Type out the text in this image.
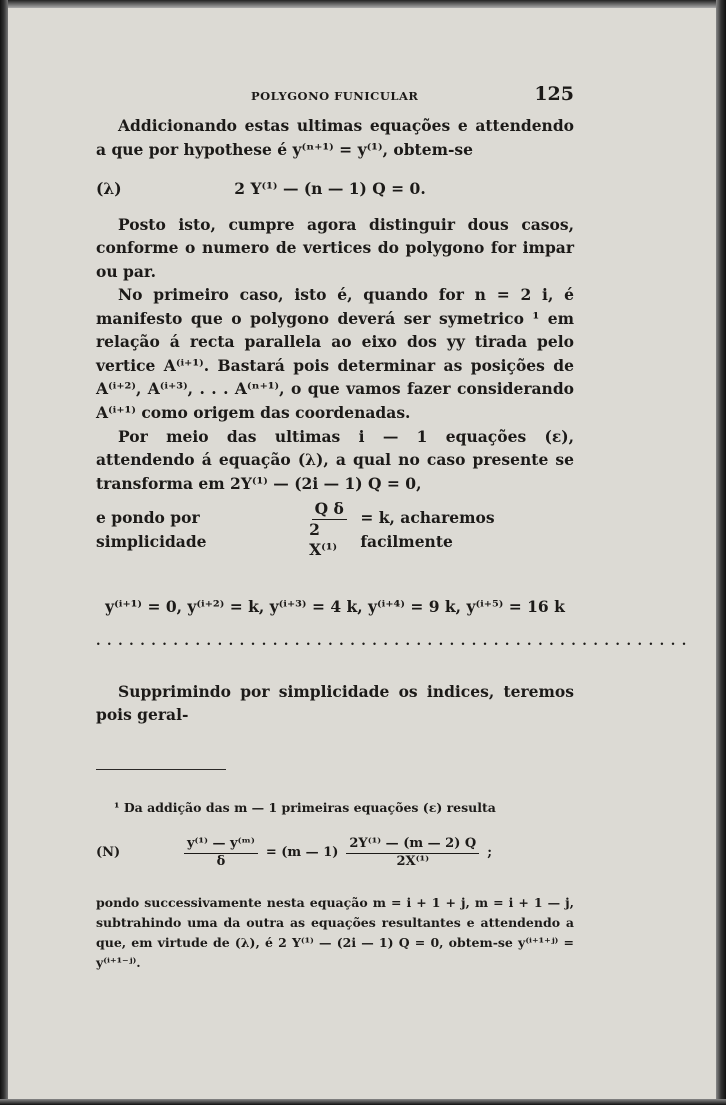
POLYGONO FUNICULAR	125

Addicionando estas ultimas equações e attendendo a que por hypothese é y⁽ⁿ⁺¹⁾ = y⁽¹⁾, obtem-se

(λ)	2 Y⁽¹⁾ — (n — 1) Q = 0.

Posto isto, cumpre agora distinguir dous casos, conforme o numero de vertices do polygono for impar ou par.

No primeiro caso, isto é, quando for n = 2 i, é manifesto que o polygono deverá ser symetrico ¹ em relação á recta parallela ao eixo dos yy tirada pelo vertice A⁽ⁱ⁺¹⁾. Bastará pois determinar as posições de A⁽ⁱ⁺²⁾, A⁽ⁱ⁺³⁾, . . . A⁽ⁿ⁺¹⁾, o que vamos fazer considerando A⁽ⁱ⁺¹⁾ como origem das coordenadas.

Por meio das ultimas i — 1 equações (ε), attendendo á equação (λ), a qual no caso presente se transforma em 2Y⁽¹⁾ — (2i — 1) Q = 0,

e pondo por simplicidade	$\frac{\text{Q δ}}{\text{2 X⁽¹⁾}} = k$, acharemos facilmente
y⁽ⁱ⁺¹⁾ = 0, y⁽ⁱ⁺²⁾ = k, y⁽ⁱ⁺³⁾ = 4 k, y⁽ⁱ⁺⁴⁾ = 9 k, y⁽ⁱ⁺⁵⁾ = 16 k
. . . . . . . . . . . . . . . . . . . . . . . . . . . . . . . . . . . . . . . . . . . . . . . . . . . . . .

Supprimindo por simplicidade os indices, teremos pois geral-

¹ Da addição das m — 1 primeiras equações (ε) resulta
(N)	$\frac{\text{y⁽¹⁾ — y⁽ᵐ⁾}}{\delta} = (m$ — $1) \frac{\text{2Y⁽¹⁾ — (m — 2) Q}}{\text{2X⁽¹⁾}}$ ;
pondo successivamente nesta equação m = i + 1 + j, m = i + 1 — j, subtrahindo uma da outra as equações resultantes e attendendo a que, em virtude de (λ), é 2 Y⁽¹⁾ — (2i — 1) Q = 0, obtem-se y⁽ⁱ⁺¹⁺ʲ⁾ = y⁽ⁱ⁺¹⁻ʲ⁾.
